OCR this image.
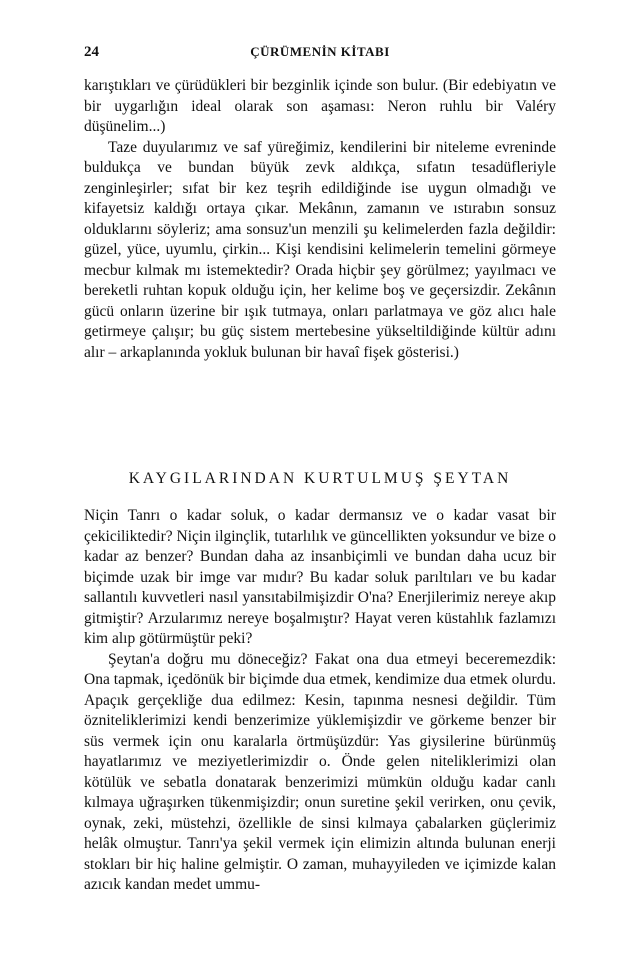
24	ÇÜRÜMENİN KİTABI

karıştıkları ve çürüdükleri bir bezginlik içinde son bulur. (Bir edebiyatın ve bir uygarlığın ideal olarak son aşaması: Neron ruhlu bir Valéry düşünelim...)

Taze duyularımız ve saf yüreğimiz, kendilerini bir niteleme evreninde buldukça ve bundan büyük zevk aldıkça, sıfatın tesadüfleriyle zenginleşirler; sıfat bir kez teşrih edildiğinde ise uygun olmadığı ve kifayetsiz kaldığı ortaya çıkar. Mekânın, zamanın ve ıstırabın sonsuz olduklarını söyleriz; ama sonsuz'un menzili şu kelimelerden fazla değildir: güzel, yüce, uyumlu, çirkin... Kişi kendisini kelimelerin temelini görmeye mecbur kılmak mı istemektedir? Orada hiçbir şey görülmez; yayılmacı ve bereketli ruhtan kopuk olduğu için, her kelime boş ve geçersizdir. Zekânın gücü onların üzerine bir ışık tutmaya, onları parlatmaya ve göz alıcı hale getirmeye çalışır; bu güç sistem mertebesine yükseltildiğinde kültür adını alır – arkaplanında yokluk bulunan bir havaî fişek gösterisi.)

KAYGILARINDAN KURTULMUŞ ŞEYTAN

Niçin Tanrı o kadar soluk, o kadar dermansız ve o kadar vasat bir çekiciliktedir? Niçin ilginçlik, tutarlılık ve güncellikten yoksundur ve bize o kadar az benzer? Bundan daha az insanbiçimli ve bundan daha ucuz bir biçimde uzak bir imge var mıdır? Bu kadar soluk parıltıları ve bu kadar sallantılı kuvvetleri nasıl yansıtabilmişizdir O'na? Enerjilerimiz nereye akıp gitmiştir? Arzularımız nereye boşalmıştır? Hayat veren küstahlık fazlamızı kim alıp götürmüştür peki?

Şeytan'a doğru mu döneceğiz? Fakat ona dua etmeyi beceremezdik: Ona tapmak, içedönük bir biçimde dua etmek, kendimize dua etmek olurdu. Apaçık gerçekliğe dua edilmez: Kesin, tapınma nesnesi değildir. Tüm özniteliklerimizi kendi benzerimize yüklemişizdir ve görkeme benzer bir süs vermek için onu karalarla örtmüşüzdür: Yas giysilerine bürünmüş hayatlarımız ve meziyetlerimizdir o. Önde gelen niteliklerimizi olan kötülük ve sebatla donatarak benzerimizi mümkün olduğu kadar canlı kılmaya uğraşırken tükenmişizdir; onun suretine şekil verirken, onu çevik, oynak, zeki, müstehzi, özellikle de sinsi kılmaya çabalarken güçlerimiz helâk olmuştur. Tanrı'ya şekil vermek için elimizin altında bulunan enerji stokları bir hiç haline gelmiştir. O zaman, muhayyileden ve içimizde kalan azıcık kandan medet ummu-
